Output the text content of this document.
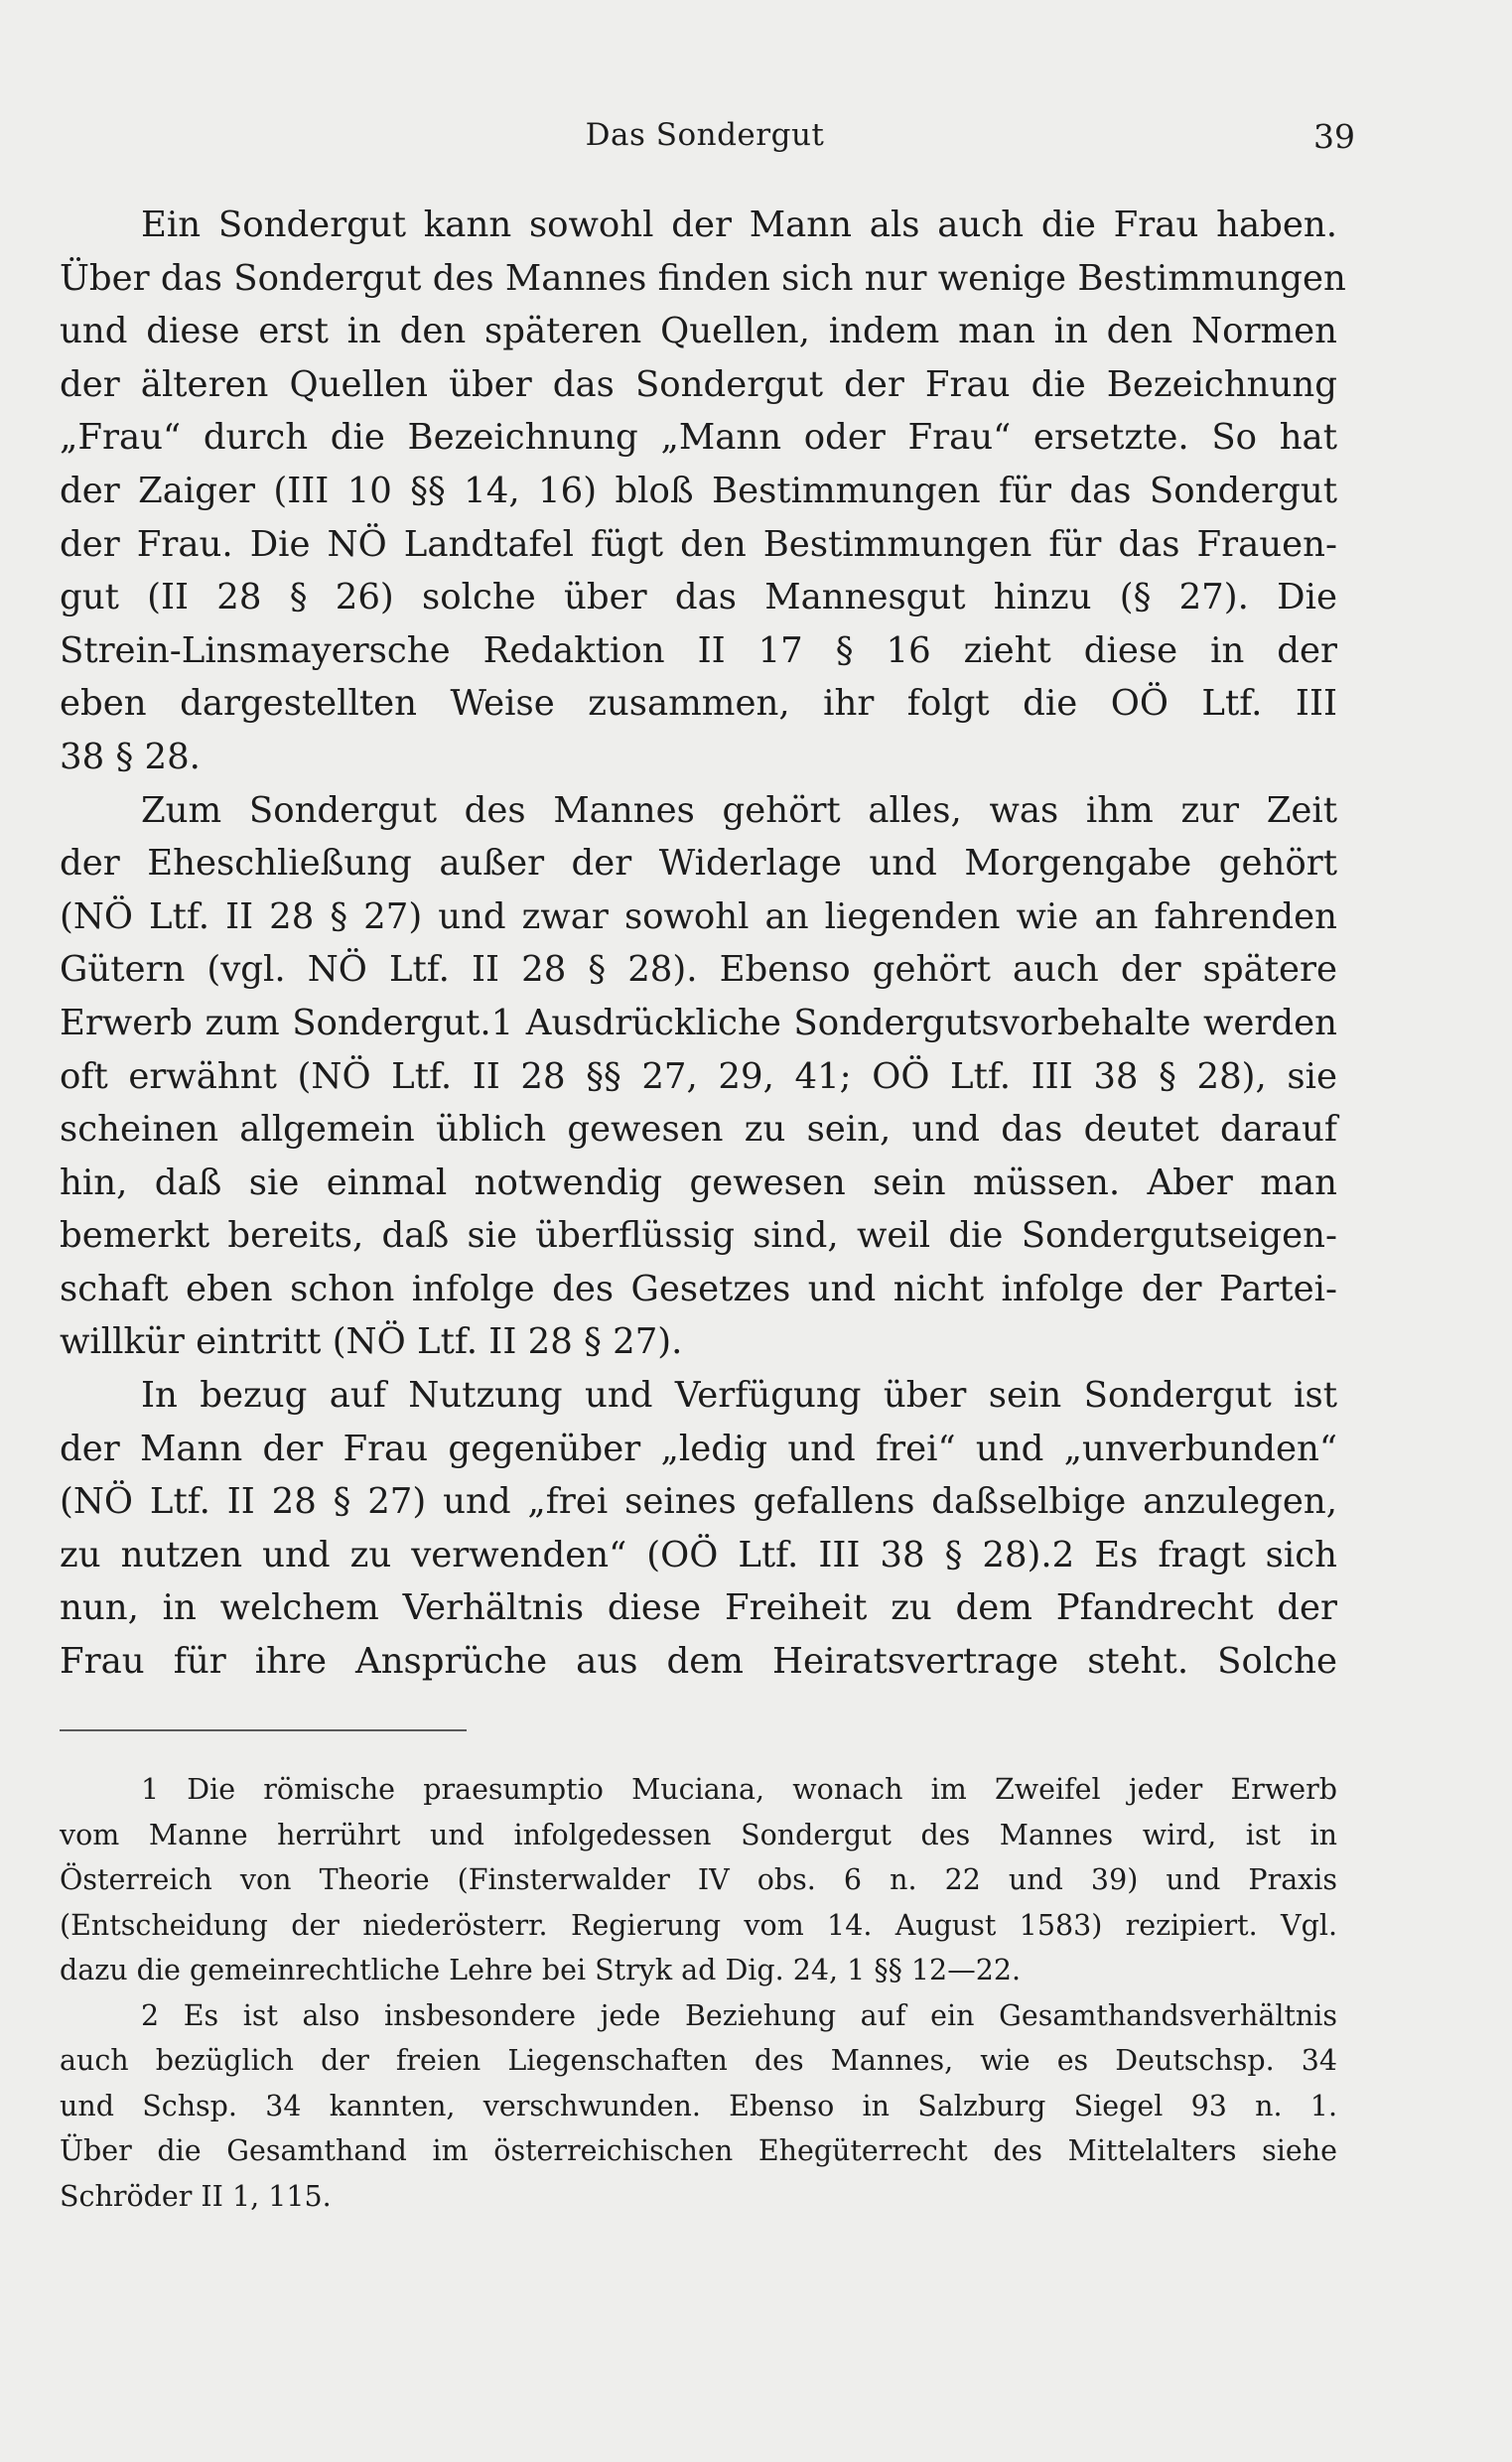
Das Sondergut	39
Ein Sondergut kann sowohl der Mann als auch die Frau haben.
Über das Sondergut des Mannes finden sich nur wenige Bestimmungen
und diese erst in den späteren Quellen, indem man in den Normen
der älteren Quellen über das Sondergut der Frau die Bezeichnung
„Frau“ durch die Bezeichnung „Mann oder Frau“ ersetzte. So hat
der Zaiger (III 10 §§ 14, 16) bloß Bestimmungen für das Sondergut
der Frau. Die NÖ Landtafel fügt den Bestimmungen für das Frauen-
gut (II 28 § 26) solche über das Mannesgut hinzu (§ 27). Die
Strein-Linsmayersche Redaktion II 17 § 16 zieht diese in der
eben dargestellten Weise zusammen, ihr folgt die OÖ Ltf. III
38 § 28.
Zum Sondergut des Mannes gehört alles, was ihm zur Zeit
der Eheschließung außer der Widerlage und Morgengabe gehört
(NÖ Ltf. II 28 § 27) und zwar sowohl an liegenden wie an fahrenden
Gütern (vgl. NÖ Ltf. II 28 § 28). Ebenso gehört auch der spätere
Erwerb zum Sondergut.1 Ausdrückliche Sondergutsvorbehalte werden
oft erwähnt (NÖ Ltf. II 28 §§ 27, 29, 41; OÖ Ltf. III 38 § 28), sie
scheinen allgemein üblich gewesen zu sein, und das deutet darauf
hin, daß sie einmal notwendig gewesen sein müssen. Aber man
bemerkt bereits, daß sie überflüssig sind, weil die Sondergutseigen-
schaft eben schon infolge des Gesetzes und nicht infolge der Partei-
willkür eintritt (NÖ Ltf. II 28 § 27).
In bezug auf Nutzung und Verfügung über sein Sondergut ist
der Mann der Frau gegenüber „ledig und frei“ und „unverbunden“
(NÖ Ltf. II 28 § 27) und „frei seines gefallens daßselbige anzulegen,
zu nutzen und zu verwenden“ (OÖ Ltf. III 38 § 28).2 Es fragt sich
nun, in welchem Verhältnis diese Freiheit zu dem Pfandrecht der
Frau für ihre Ansprüche aus dem Heiratsvertrage steht. Solche
1 Die römische praesumptio Muciana, wonach im Zweifel jeder Erwerb
vom Manne herrührt und infolgedessen Sondergut des Mannes wird, ist in
Österreich von Theorie (Finsterwalder IV obs. 6 n. 22 und 39) und Praxis
(Entscheidung der niederösterr. Regierung vom 14. August 1583) rezipiert. Vgl.
dazu die gemeinrechtliche Lehre bei Stryk ad Dig. 24, 1 §§ 12—22.
2 Es ist also insbesondere jede Beziehung auf ein Gesamthandsverhältnis
auch bezüglich der freien Liegenschaften des Mannes, wie es Deutschsp. 34
und Schsp. 34 kannten, verschwunden. Ebenso in Salzburg Siegel 93 n. 1.
Über die Gesamthand im österreichischen Ehegüterrecht des Mittelalters siehe
Schröder II 1, 115.
